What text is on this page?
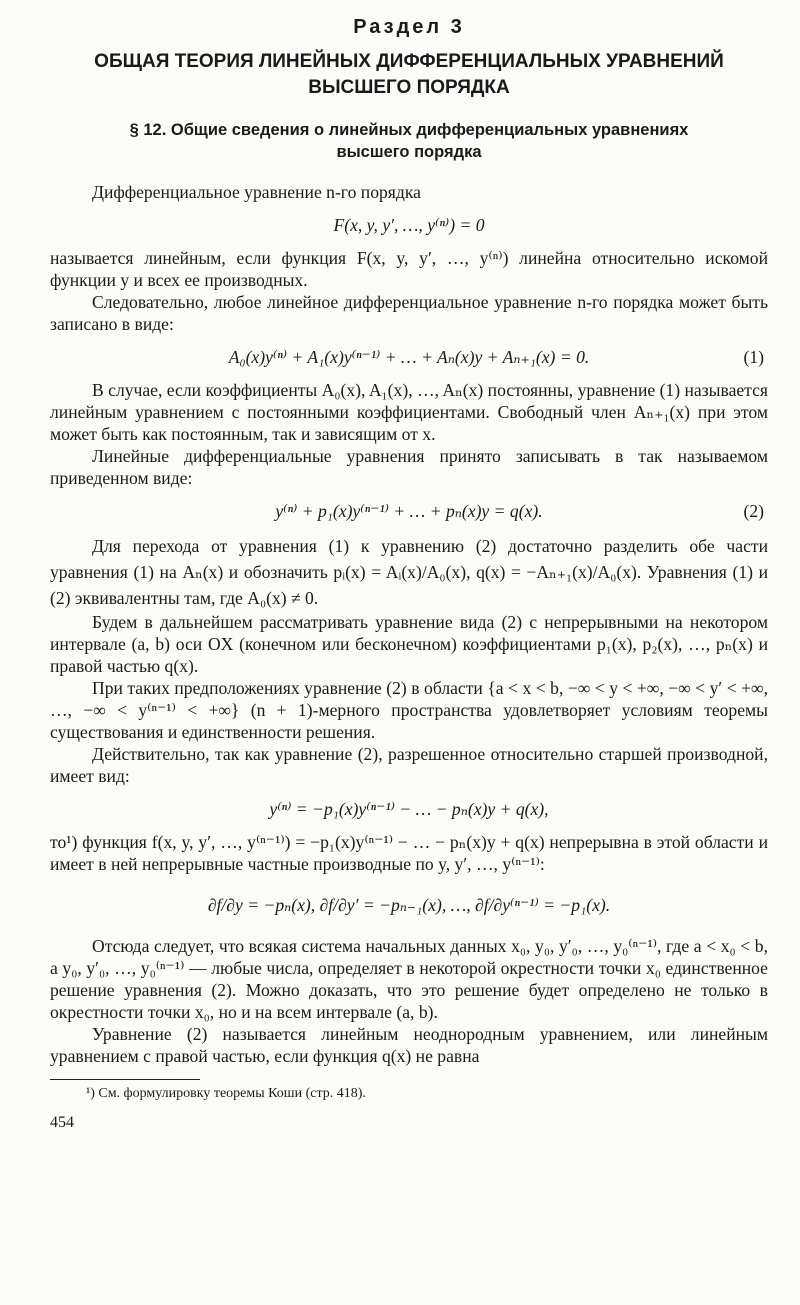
Раздел 3
ОБЩАЯ ТЕОРИЯ ЛИНЕЙНЫХ ДИФФЕРЕНЦИАЛЬНЫХ УРАВНЕНИЙ ВЫСШЕГО ПОРЯДКА
§ 12. Общие сведения о линейных дифференциальных уравнениях высшего порядка

Дифференциальное уравнение n-го порядка

F(x, y, y′, …, y⁽ⁿ⁾) = 0

называется линейным, если функция F(x, y, y′, …, y⁽ⁿ⁾) линейна относительно искомой функции y и всех ее производных.

Следовательно, любое линейное дифференциальное уравнение n-го порядка может быть записано в виде:

A₀(x)y⁽ⁿ⁾ + A₁(x)y⁽ⁿ⁻¹⁾ + … + Aₙ(x)y + Aₙ₊₁(x) = 0.	(1)

В случае, если коэффициенты A₀(x), A₁(x), …, Aₙ(x) постоянны, уравнение (1) называется линейным уравнением с постоянными коэффициентами. Свободный член Aₙ₊₁(x) при этом может быть как постоянным, так и зависящим от x.

Линейные дифференциальные уравнения принято записывать в так называемом приведенном виде:

y⁽ⁿ⁾ + p₁(x)y⁽ⁿ⁻¹⁾ + … + pₙ(x)y = q(x).	(2)

Для перехода от уравнения (1) к уравнению (2) достаточно разделить обе части уравнения (1) на Aₙ(x) и обозначить pᵢ(x) = Aᵢ(x)/A₀(x), q(x) = −Aₙ₊₁(x)/A₀(x). Уравнения (1) и (2) эквивалентны там, где A₀(x) ≠ 0.

Будем в дальнейшем рассматривать уравнение вида (2) с непрерывными на некотором интервале (a, b) оси OX (конечном или бесконечном) коэффициентами p₁(x), p₂(x), …, pₙ(x) и правой частью q(x).

При таких предположениях уравнение (2) в области {a < x < b, −∞ < y < +∞, −∞ < y′ < +∞, …, −∞ < y⁽ⁿ⁻¹⁾ < +∞} (n + 1)-мерного пространства удовлетворяет условиям теоремы существования и единственности решения.

Действительно, так как уравнение (2), разрешенное относительно старшей производной, имеет вид:

y⁽ⁿ⁾ = −p₁(x)y⁽ⁿ⁻¹⁾ − … − pₙ(x)y + q(x),

то¹) функция f(x, y, y′, …, y⁽ⁿ⁻¹⁾) = −p₁(x)y⁽ⁿ⁻¹⁾ − … − pₙ(x)y + q(x) непрерывна в этой области и имеет в ней непрерывные частные производные по y, y′, …, y⁽ⁿ⁻¹⁾:

∂f/∂y = −pₙ(x), ∂f/∂y′ = −pₙ₋₁(x), …, ∂f/∂y⁽ⁿ⁻¹⁾ = −p₁(x).

Отсюда следует, что всякая система начальных данных x₀, y₀, y′₀, …, y₀⁽ⁿ⁻¹⁾, где a < x₀ < b, а y₀, y′₀, …, y₀⁽ⁿ⁻¹⁾ — любые числа, определяет в некоторой окрестности точки x₀ единственное решение уравнения (2). Можно доказать, что это решение будет определено не только в окрестности точки x₀, но и на всем интервале (a, b).

Уравнение (2) называется линейным неоднородным уравнением, или линейным уравнением с правой частью, если функция q(x) не равна

¹) См. формулировку теоремы Коши (стр. 418).
454
